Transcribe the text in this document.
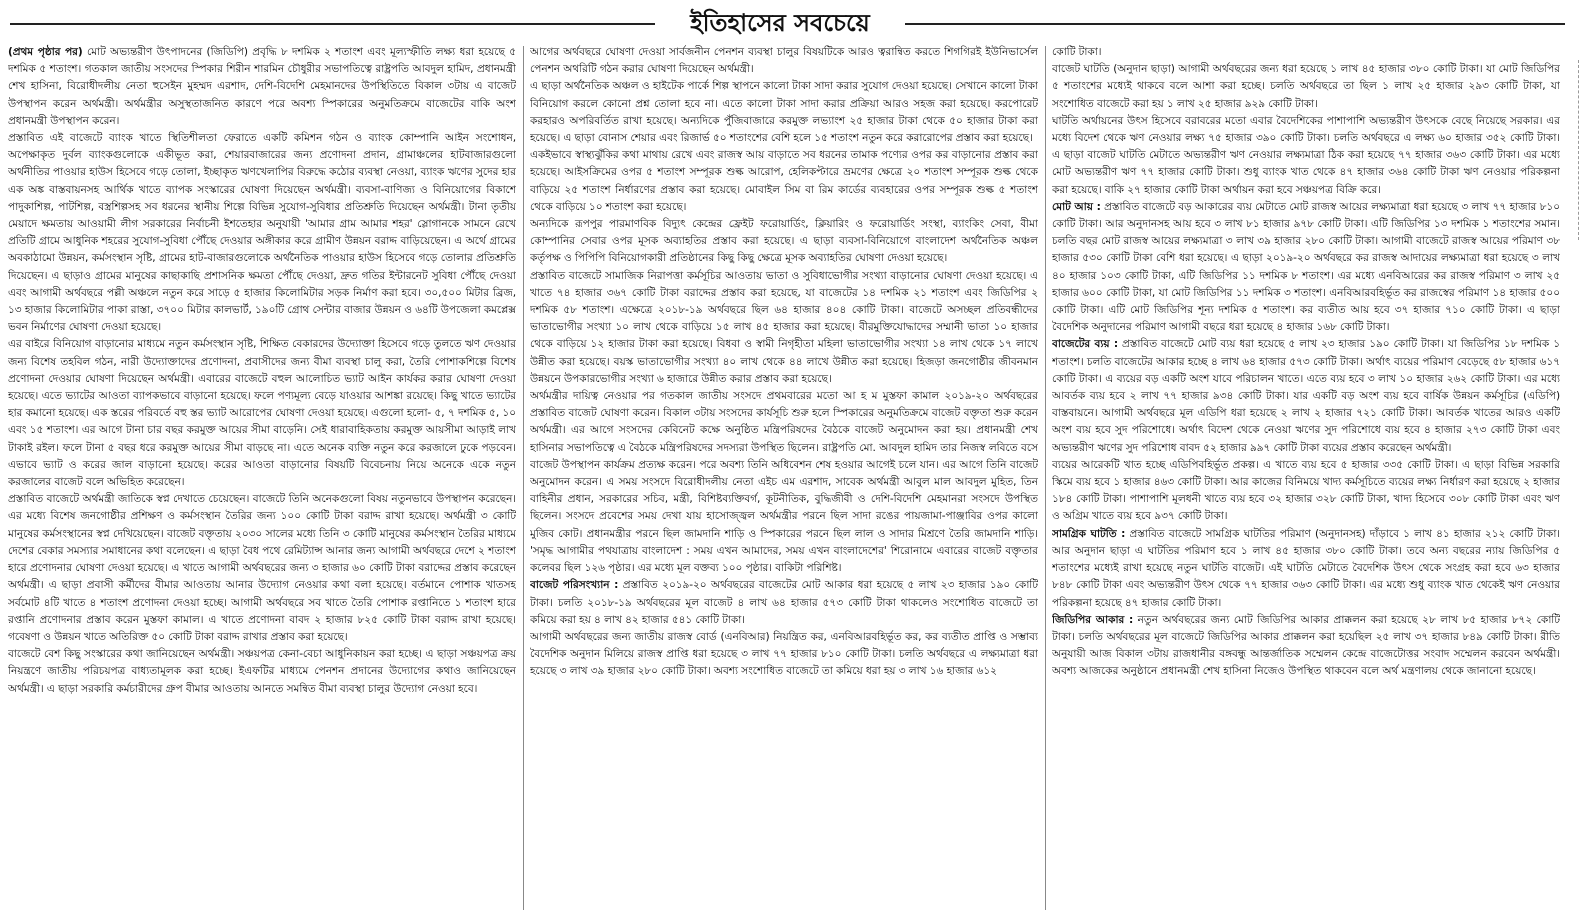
ইতিহাসের সবচেয়ে

(প্রথম পৃষ্ঠার পর) মোট অভ্যন্তরীণ উৎপাদনের (জিডিপি) প্রবৃদ্ধি ৮ দশমিক ২ শতাংশ এবং মূল্যস্ফীতি লক্ষ্য ধরা হয়েছে ৫ দশমিক ৫ শতাংশ। গতকাল জাতীয় সংসদের স্পিকার শিরীন শারমিন চৌধুরীর সভাপতিত্বে রাষ্ট্রপতি আবদুল হামিদ, প্রধানমন্ত্রী শেখ হাসিনা, বিরোধীদলীয় নেতা হুসেইন মুহম্মদ এরশাদ, দেশি-বিদেশি মেহমানদের উপস্থিতিতে বিকাল ৩টায় এ বাজেট উপস্থাপন করেন অর্থমন্ত্রী। অর্থমন্ত্রীর অসুস্থতাজনিত কারণে পরে অবশ্য স্পিকারের অনুমতিক্রমে বাজেটের বাকি অংশ প্রধানমন্ত্রী উপস্থাপন করেন।

প্রস্তাবিত এই বাজেটে ব্যাংক খাতে স্থিতিশীলতা ফেরাতে একটি কমিশন গঠন ও ব্যাংক কোম্পানি আইন সংশোধন, অপেক্ষাকৃত দুর্বল ব্যাংকগুলোকে একীভূত করা, শেয়ারবাজারের জন্য প্রণোদনা প্রদান, গ্রামাঞ্চলের হাটবাজারগুলো অর্থনীতির পাওয়ার হাউস হিসেবে গড়ে তোলা, ইচ্ছাকৃত ঋণখেলাপির বিরুদ্ধে কঠোর ব্যবস্থা নেওয়া, ব্যাংক ঋণের সুদের হার এক অঙ্ক বাস্তবায়নসহ আর্থিক খাতে ব্যাপক সংস্কারের ঘোষণা দিয়েছেন অর্থমন্ত্রী। ব্যবসা-বাণিজ্য ও বিনিয়োগের বিকাশে পাদুকাশিল্প, পাটশিল্প, বস্ত্রশিল্পসহ সব ধরনের স্থানীয় শিল্পে বিভিন্ন সুযোগ-সুবিধার প্রতিশ্রুতি দিয়েছেন অর্থমন্ত্রী। টানা তৃতীয় মেয়াদে ক্ষমতায় আওয়ামী লীগ সরকারের নির্বাচনী ইশতেহার অনুযায়ী 'আমার গ্রাম আমার শহর' স্লোগানকে সামনে রেখে প্রতিটি গ্রামে আধুনিক শহরের সুযোগ-সুবিধা পৌঁছে দেওয়ার অঙ্গীকার করে গ্রামীণ উন্নয়ন বরাদ্দ বাড়িয়েছেন। এ অর্থে গ্রামের অবকাঠামো উন্নয়ন, কর্মসংস্থান সৃষ্টি, গ্রামের হাট-বাজারগুলোকে অর্থনৈতিক পাওয়ার হাউস হিসেবে গড়ে তোলার প্রতিশ্রুতি দিয়েছেন। এ ছাড়াও গ্রামের মানুষের কাছাকাছি প্রশাসনিক ক্ষমতা পৌঁছে দেওয়া, দ্রুত গতির ইন্টারনেট সুবিধা পৌঁছে দেওয়া এবং আগামী অর্থবছরে পল্লী অঞ্চলে নতুন করে সাড়ে ৫ হাজার কিলোমিটার সড়ক নির্মাণ করা হবে। ৩০,৫০০ মিটার ব্রিজ, ১৩ হাজার কিলোমিটার পাকা রাস্তা, ৩৭০০ মিটার কালভার্ট, ১৯০টি গ্রোথ সেন্টার বাজার উন্নয়ন ও ৬৪টি উপজেলা কমপ্লেক্স ভবন নির্মাণের ঘোষণা দেওয়া হয়েছে।

এর বাইরে বিনিয়োগ বাড়ানোর মাধ্যমে নতুন কর্মসংস্থান সৃষ্টি, শিক্ষিত বেকারদের উদ্যোক্তা হিসেবে গড়ে তুলতে ঋণ দেওয়ার জন্য বিশেষ তহবিল গঠন, নারী উদ্যোক্তাদের প্রণোদনা, প্রবাসীদের জন্য বীমা ব্যবস্থা চালু করা, তৈরি পোশাকশিল্পে বিশেষ প্রণোদনা দেওয়ার ঘোষণা দিয়েছেন অর্থমন্ত্রী। এবারের বাজেটে বহুল আলোচিত ভ্যাট আইন কার্যকর করার ঘোষণা দেওয়া হয়েছে। এতে ভ্যাটের আওতা ব্যাপকভাবে বাড়ানো হয়েছে। ফলে পণ্যমূল্য বেড়ে যাওয়ার আশঙ্কা রয়েছে। কিছু খাতে ভ্যাটের হার কমানো হয়েছে। এক স্তরের পরিবর্তে বহু স্তর ভ্যাট আরোপের ঘোষণা দেওয়া হয়েছে। এগুলো হলো- ৫, ৭ দশমিক ৫, ১০ এবং ১৫ শতাংশ। এর আগে টানা চার বছর করমুক্ত আয়ের সীমা বাড়েনি। সেই ধারাবাহিকতায় করমুক্ত আয়সীমা আড়াই লাখ টাকাই রইল। ফলে টানা ৫ বছর ধরে করমুক্ত আয়ের সীমা বাড়ছে না। এতে অনেক ব্যক্তি নতুন করে করজালে ঢুকে পড়বেন। এভাবে ভ্যাট ও করের জাল বাড়ানো হয়েছে। করের আওতা বাড়ানোর বিষয়টি বিবেচনায় নিয়ে অনেকে একে নতুন করজালের বাজেট বলে অভিহিত করেছেন।

প্রস্তাবিত বাজেটে অর্থমন্ত্রী জাতিকে স্বপ্ন দেখাতে চেয়েছেন। বাজেটে তিনি অনেকগুলো বিষয় নতুনভাবে উপস্থাপন করেছেন। এর মধ্যে বিশেষ জনগোষ্ঠীর প্রশিক্ষণ ও কর্মসংস্থান তৈরির জন্য ১০০ কোটি টাকা বরাদ্দ রাখা হয়েছে। অর্থমন্ত্রী ৩ কোটি মানুষের কর্মসংস্থানের স্বপ্ন দেখিয়েছেন। বাজেট বক্তৃতায় ২০৩০ সালের মধ্যে তিনি ৩ কোটি মানুষের কর্মসংস্থান তৈরির মাধ্যমে দেশের বেকার সমস্যার সমাধানের কথা বলেছেন। এ ছাড়া বৈধ পথে রেমিট্যান্স আনার জন্য আগামী অর্থবছরে দেশে ২ শতাংশ হারে প্রণোদনার ঘোষণা দেওয়া হয়েছে। এ খাতে আগামী অর্থবছরের জন্য ৩ হাজার ৬০ কোটি টাকা বরাদ্দের প্রস্তাব করেছেন অর্থমন্ত্রী। এ ছাড়া প্রবাসী কর্মীদের বীমার আওতায় আনার উদ্যোগ নেওয়ার কথা বলা হয়েছে। বর্তমানে পোশাক খাতসহ সর্বমোট ৪টি খাতে ৪ শতাংশ প্রণোদনা দেওয়া হচ্ছে। আগামী অর্থবছরে সব খাতে তৈরি পোশাক রপ্তানিতে ১ শতাংশ হারে রপ্তানি প্রণোদনার প্রস্তাব করেন মুস্তফা কামাল। এ খাতে প্রণোদনা বাবদ ২ হাজার ৮২৫ কোটি টাকা বরাদ্দ রাখা হয়েছে। গবেষণা ও উন্নয়ন খাতে অতিরিক্ত ৫০ কোটি টাকা বরাদ্দ রাখার প্রস্তাব করা হয়েছে।

বাজেটে বেশ কিছু সংস্কারের কথা জানিয়েছেন অর্থমন্ত্রী। সঞ্চয়পত্র কেনা-বেচা আধুনিকায়ন করা হচ্ছে। এ ছাড়া সঞ্চয়পত্র ক্রয় নিয়ন্ত্রণে জাতীয় পরিচয়পত্র বাধ্যতামূলক করা হচ্ছে। ইএফটির মাধ্যমে পেনশন প্রদানের উদ্যোগের কথাও জানিয়েছেন অর্থমন্ত্রী। এ ছাড়া সরকারি কর্মচারীদের গ্রুপ বীমার আওতায় আনতে সমন্বিত বীমা ব্যবস্থা চালুর উদ্যোগ নেওয়া হবে।

আগের অর্থবছরে ঘোষণা দেওয়া সার্বজনীন পেনশন ব্যবস্থা চালুর বিষয়টিকে আরও ত্বরান্বিত করতে শিগগিরই ইউনিভার্সেল পেনশন অথরিটি গঠন করার ঘোষণা দিয়েছেন অর্থমন্ত্রী।

এ ছাড়া অর্থনৈতিক অঞ্চল ও হাইটেক পার্কে শিল্প স্থাপনে কালো টাকা সাদা করার সুযোগ দেওয়া হয়েছে। সেখানে কালো টাকা বিনিয়োগ করলে কোনো প্রশ্ন তোলা হবে না। এতে কালো টাকা সাদা করার প্রক্রিয়া আরও সহজ করা হয়েছে। করপোরেট করহারও অপরিবর্তিত রাখা হয়েছে। অন্যদিকে পুঁজিবাজারে করমুক্ত লভ্যাংশ ২৫ হাজার টাকা থেকে ৫০ হাজার টাকা করা হয়েছে। এ ছাড়া বোনাস শেয়ার এবং রিজার্ভ ৫০ শতাংশের বেশি হলে ১৫ শতাংশ নতুন করে করারোপের প্রস্তাব করা হয়েছে।

একইভাবে স্বাস্থ্যঝুঁকির কথা মাথায় রেখে এবং রাজস্ব আয় বাড়াতে সব ধরনের তামাক পণ্যের ওপর কর বাড়ানোর প্রস্তাব করা হয়েছে। আইসক্রিমের ওপর ৫ শতাংশ সম্পূরক শুল্ক আরোপ, হেলিকপ্টারে ভ্রমণের ক্ষেত্রে ২০ শতাংশ সম্পূরক শুল্ক থেকে বাড়িয়ে ২৫ শতাংশ নির্ধারণের প্রস্তাব করা হয়েছে। মোবাইল সিম বা রিম কার্ডের ব্যবহারের ওপর সম্পূরক শুল্ক ৫ শতাংশ থেকে বাড়িয়ে ১০ শতাংশ করা হয়েছে।

অন্যদিকে রূপপুর পারমাণবিক বিদ্যুৎ কেন্দ্রের ফ্রেইট ফরোয়ার্ডিং, ক্লিয়ারিং ও ফরোয়ার্ডিং সংস্থা, ব্যাংকিং সেবা, বীমা কোম্পানির সেবার ওপর মূসক অব্যাহতির প্রস্তাব করা হয়েছে। এ ছাড়া ব্যবসা-বিনিয়োগে বাংলাদেশ অর্থনৈতিক অঞ্চল কর্তৃপক্ষ ও পিপিপি বিনিয়োগকারী প্রতিষ্ঠানের কিছু কিছু ক্ষেত্রে মূসক অব্যাহতির ঘোষণা দেওয়া হয়েছে।

প্রস্তাবিত বাজেটে সামাজিক নিরাপত্তা কর্মসূচির আওতায় ভাতা ও সুবিধাভোগীর সংখ্যা বাড়ানোর ঘোষণা দেওয়া হয়েছে। এ খাতে ৭৪ হাজার ৩৬৭ কোটি টাকা বরাদ্দের প্রস্তাব করা হয়েছে, যা বাজেটের ১৪ দশমিক ২১ শতাংশ এবং জিডিপির ২ দশমিক ৫৮ শতাংশ। এক্ষেত্রে ২০১৮-১৯ অর্থবছরে ছিল ৬৪ হাজার ৪০৪ কোটি টাকা। বাজেটে অসচ্ছল প্রতিবন্ধীদের ভাতাভোগীর সংখ্যা ১০ লাখ থেকে বাড়িয়ে ১৫ লাখ ৪৫ হাজার করা হয়েছে। বীরমুক্তিযোদ্ধাদের সম্মানী ভাতা ১০ হাজার থেকে বাড়িয়ে ১২ হাজার টাকা করা হয়েছে। বিধবা ও স্বামী নিগৃহীতা মহিলা ভাতাভোগীর সংখ্যা ১৪ লাখ থেকে ১৭ লাখে উন্নীত করা হয়েছে। বয়স্ক ভাতাভোগীর সংখ্যা ৪০ লাখ থেকে ৪৪ লাখে উন্নীত করা হয়েছে। হিজড়া জনগোষ্ঠীর জীবনমান উন্নয়নে উপকারভোগীর সংখ্যা ৬ হাজারে উন্নীত করার প্রস্তাব করা হয়েছে।

অর্থমন্ত্রীর দায়িত্ব নেওয়ার পর গতকাল জাতীয় সংসদে প্রথমবারের মতো আ হ ম মুস্তফা কামাল ২০১৯-২০ অর্থবছরের প্রস্তাবিত বাজেট ঘোষণা করেন। বিকাল ৩টায় সংসদের কার্যসূচি শুরু হলে স্পিকারের অনুমতিক্রমে বাজেট বক্তৃতা শুরু করেন অর্থমন্ত্রী। এর আগে সংসদের কেবিনেট কক্ষে অনুষ্ঠিত মন্ত্রিপরিষদের বৈঠকে বাজেট অনুমোদন করা হয়। প্রধানমন্ত্রী শেখ হাসিনার সভাপতিত্বে এ বৈঠকে মন্ত্রিপরিষদের সদস্যরা উপস্থিত ছিলেন। রাষ্ট্রপতি মো. আবদুল হামিদ তার নিজস্ব লবিতে বসে বাজেট উপস্থাপন কার্যক্রম প্রত্যক্ষ করেন। পরে অবশ্য তিনি অধিবেশন শেষ হওয়ার আগেই চলে যান। এর আগে তিনি বাজেট অনুমোদন করেন। এ সময় সংসদে বিরোধীদলীয় নেতা এইচ এম এরশাদ, সাবেক অর্থমন্ত্রী আবুল মাল আবদুল মুহিত, তিন বাহিনীর প্রধান, সরকারের সচিব, মন্ত্রী, বিশিষ্টব্যক্তিবর্গ, কূটনীতিক, বুদ্ধিজীবী ও দেশি-বিদেশি মেহমানরা সংসদে উপস্থিত ছিলেন। সংসদে প্রবেশের সময় দেখা যায় হাসোজ্জ্বল অর্থমন্ত্রীর পরনে ছিল সাদা রঙের পায়জামা-পাঞ্জাবির ওপর কালো মুজিব কোট। প্রধানমন্ত্রীর পরনে ছিল জামদানি শাড়ি ও স্পিকারের পরনে ছিল লাল ও সাদার মিশ্রণে তৈরি জামদানি শাড়ি। 'সমৃদ্ধ আগামীর পথযাত্রায় বাংলাদেশ : সময় এখন আমাদের, সময় এখন বাংলাদেশের' শিরোনামে এবারের বাজেট বক্তৃতার কলেবর ছিল ১২৬ পৃষ্ঠার। এর মধ্যে মূল বক্তব্য ১০০ পৃষ্ঠার। বাকিটা পরিশিষ্ট।

বাজেট পরিসংখ্যান : প্রস্তাবিত ২০১৯-২০ অর্থবছরের বাজেটের মোট আকার ধরা হয়েছে ৫ লাখ ২৩ হাজার ১৯০ কোটি টাকা। চলতি ২০১৮-১৯ অর্থবছরের মূল বাজেট ৪ লাখ ৬৪ হাজার ৫৭৩ কোটি টাকা থাকলেও সংশোধিত বাজেটে তা কমিয়ে করা হয় ৪ লাখ ৪২ হাজার ৫৪১ কোটি টাকা।

আগামী অর্থবছরের জন্য জাতীয় রাজস্ব বোর্ড (এনবিআর) নিয়ন্ত্রিত কর, এনবিআরবহির্ভূত কর, কর ব্যতীত প্রাপ্তি ও সম্ভাব্য বৈদেশিক অনুদান মিলিয়ে রাজস্ব প্রাপ্তি ধরা হয়েছে ৩ লাখ ৭৭ হাজার ৮১০ কোটি টাকা। চলতি অর্থবছরে এ লক্ষ্যমাত্রা ধরা হয়েছে ৩ লাখ ৩৯ হাজার ২৮০ কোটি টাকা। অবশ্য সংশোধিত বাজেটে তা কমিয়ে ধরা হয় ৩ লাখ ১৬ হাজার ৬১২

কোটি টাকা।

বাজেট ঘাটতি (অনুদান ছাড়া) আগামী অর্থবছরের জন্য ধরা হয়েছে ১ লাখ ৪৫ হাজার ৩৮০ কোটি টাকা। যা মোট জিডিপির ৫ শতাংশের মধ্যেই থাকবে বলে আশা করা হচ্ছে। চলতি অর্থবছরে তা ছিল ১ লাখ ২৫ হাজার ২৯৩ কোটি টাকা, যা সংশোধিত বাজেটে করা হয় ১ লাখ ২৫ হাজার ৯২৯ কোটি টাকা।

ঘাটতি অর্থায়নের উৎস হিসেবে বরাবরের মতো এবার বৈদেশিকের পাশাপাশি অভ্যন্তরীণ উৎসকে বেছে নিয়েছে সরকার। এর মধ্যে বিদেশ থেকে ঋণ নেওয়ার লক্ষ্য ৭৫ হাজার ৩৯০ কোটি টাকা। চলতি অর্থবছরে এ লক্ষ্য ৬০ হাজার ৩৫২ কোটি টাকা। এ ছাড়া বাজেট ঘাটতি মেটাতে অভ্যন্তরীণ ঋণ নেওয়ার লক্ষ্যমাত্রা ঠিক করা হয়েছে ৭৭ হাজার ৩৬৩ কোটি টাকা। এর মধ্যে মোট অভ্যন্তরীণ ঋণ ৭৭ হাজার কোটি টাকা। শুধু ব্যাংক খাত থেকে ৪৭ হাজার ৩৬৪ কোটি টাকা ঋণ নেওয়ার পরিকল্পনা করা হয়েছে। বাকি ২৭ হাজার কোটি টাকা অর্থায়ন করা হবে সঞ্চয়পত্র বিক্রি করে।

মোট আয় : প্রস্তাবিত বাজেটে বড় আকারের ব্যয় মেটাতে মোট রাজস্ব আয়ের লক্ষ্যমাত্রা ধরা হয়েছে ৩ লাখ ৭৭ হাজার ৮১০ কোটি টাকা। আর অনুদানসহ আয় হবে ৩ লাখ ৮১ হাজার ৯৭৮ কোটি টাকা। এটি জিডিপির ১৩ দশমিক ১ শতাংশের সমান। চলতি বছর মোট রাজস্ব আয়ের লক্ষ্যমাত্রা ৩ লাখ ৩৯ হাজার ২৮০ কোটি টাকা। আগামী বাজেটে রাজস্ব আয়ের পরিমাণ ৩৮ হাজার ৫৩০ কোটি টাকা বেশি ধরা হয়েছে। এ ছাড়া ২০১৯-২০ অর্থবছরে কর রাজস্ব আদায়ের লক্ষ্যমাত্রা ধরা হয়েছে ৩ লাখ ৪০ হাজার ১০৩ কোটি টাকা, এটি জিডিপির ১১ দশমিক ৮ শতাংশ। এর মধ্যে এনবিআরের কর রাজস্ব পরিমাণ ৩ লাখ ২৫ হাজার ৬০০ কোটি টাকা, যা মোট জিডিপির ১১ দশমিক ৩ শতাংশ। এনবিআরবহির্ভূত কর রাজস্বের পরিমাণ ১৪ হাজার ৫০০ কোটি টাকা। এটি মোট জিডিপির শূন্য দশমিক ৫ শতাংশ। কর ব্যতীত আয় হবে ৩৭ হাজার ৭১০ কোটি টাকা। এ ছাড়া বৈদেশিক অনুদানের পরিমাণ আগামী বছরে ধরা হয়েছে ৪ হাজার ১৬৮ কোটি টাকা।

বাজেটের ব্যয় : প্রস্তাবিত বাজেটে মোট ব্যয় ধরা হয়েছে ৫ লাখ ২৩ হাজার ১৯০ কোটি টাকা। যা জিডিপির ১৮ দশমিক ১ শতাংশ। চলতি বাজেটের আকার হচ্ছে ৪ লাখ ৬৪ হাজার ৫৭৩ কোটি টাকা। অর্থাৎ ব্যয়ের পরিমাণ বেড়েছে ৫৮ হাজার ৬১৭ কোটি টাকা। এ ব্যয়ের বড় একটি অংশ যাবে পরিচালন খাতে। এতে ব্যয় হবে ৩ লাখ ১০ হাজার ২৬২ কোটি টাকা। এর মধ্যে আবর্তক ব্যয় হবে ২ লাখ ৭৭ হাজার ৯৩৪ কোটি টাকা। যার একটি বড় অংশ ব্যয় হবে বার্ষিক উন্নয়ন কর্মসূচির (এডিপি) বাস্তবায়নে। আগামী অর্থবছরে মূল এডিপি ধরা হয়েছে ২ লাখ ২ হাজার ৭২১ কোটি টাকা। আবর্তক খাতের আরও একটি অংশ ব্যয় হবে সুদ পরিশোধে। অর্থাৎ বিদেশ থেকে নেওয়া ঋণের সুদ পরিশোধে ব্যয় হবে ৪ হাজার ২৭৩ কোটি টাকা এবং অভ্যন্তরীণ ঋণের সুদ পরিশোধ বাবদ ৫২ হাজার ৯৯৭ কোটি টাকা ব্যয়ের প্রস্তাব করেছেন অর্থমন্ত্রী।

ব্যয়ের আরেকটি খাত হচ্ছে এডিপিবহির্ভূত প্রকল্প। এ খাতে ব্যয় হবে ৫ হাজার ৩৩৫ কোটি টাকা। এ ছাড়া বিভিন্ন সরকারি স্কিমে ব্যয় হবে ১ হাজার ৪৬৩ কোটি টাকা। আর কাজের বিনিময়ে খাদ্য কর্মসূচিতে ব্যয়ের লক্ষ্য নির্ধারণ করা হয়েছে ২ হাজার ১৮৪ কোটি টাকা। পাশাপাশি মূলধনী খাতে ব্যয় হবে ৩২ হাজার ৩২৮ কোটি টাকা, খাদ্য হিসেবে ৩০৮ কোটি টাকা এবং ঋণ ও অগ্রিম খাতে ব্যয় হবে ৯৩৭ কোটি টাকা।

সামগ্রিক ঘাটতি : প্রস্তাবিত বাজেটে সামগ্রিক ঘাটতির পরিমাণ (অনুদানসহ) দাঁড়াবে ১ লাখ ৪১ হাজার ২১২ কোটি টাকা। আর অনুদান ছাড়া এ ঘাটতির পরিমাণ হবে ১ লাখ ৪৫ হাজার ৩৮০ কোটি টাকা। তবে অন্য বছরের ন্যায় জিডিপির ৫ শতাংশের মধ্যেই রাখা হয়েছে নতুন ঘাটতি বাজেট। এই ঘাটতি মেটাতে বৈদেশিক উৎস থেকে সংগ্রহ করা হবে ৬৩ হাজার ৮৪৮ কোটি টাকা এবং অভ্যন্তরীণ উৎস থেকে ৭৭ হাজার ৩৬৩ কোটি টাকা। এর মধ্যে শুধু ব্যাংক খাত থেকেই ঋণ নেওয়ার পরিকল্পনা হয়েছে ৪৭ হাজার কোটি টাকা।

জিডিপির আকার : নতুন অর্থবছরের জন্য মোট জিডিপির আকার প্রাক্কলন করা হয়েছে ২৮ লাখ ৮৫ হাজার ৮৭২ কোটি টাকা। চলতি অর্থবছরের মূল বাজেটে জিডিপির আকার প্রাক্কলন করা হয়েছিল ২৫ লাখ ৩৭ হাজার ৮৪৯ কোটি টাকা। রীতি অনুযায়ী আজ বিকাল ৩টায় রাজধানীর বঙ্গবন্ধু আন্তর্জাতিক সম্মেলন কেন্দ্রে বাজেটোত্তর সংবাদ সম্মেলন করবেন অর্থমন্ত্রী। অবশ্য আজকের অনুষ্ঠানে প্রধানমন্ত্রী শেখ হাসিনা নিজেও উপস্থিত থাকবেন বলে অর্থ মন্ত্রণালয় থেকে জানানো হয়েছে।
